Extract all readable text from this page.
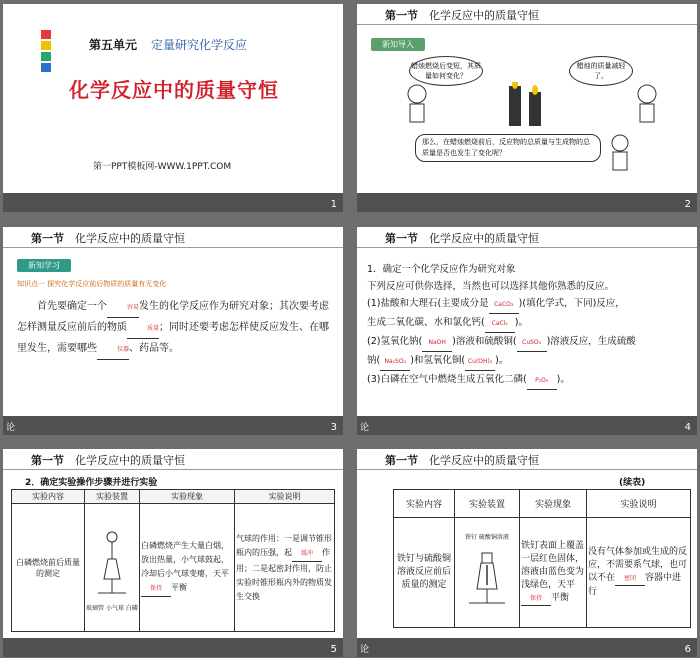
第五单元 定量研究化学反应
化学反应中的质量守恒
第一PPT模板网-WWW.1PPT.COM
1
第一节 化学反应中的质量守恒
新知导入
蜡烛燃烧后变短，其质量如何变化？
蜡烛的质量减轻了。
那么，在蜡烛燃烧前后，反应物的总质量与生成物的总质量是否也发生了变化呢？
2
第一节 化学反应中的质量守恒
新知学习
知识点一 探究化学反应前后物质的质量有无变化
首先要确定一个	容易发生的化学反应作为研究对象；其次要考虑怎样测量反应前后的物质	质量；同时还要考虑怎样使反应发生、在哪里发生，需要哪些	仪器、药品等。
论	3
第一节 化学反应中的质量守恒
1．确定一个化学反应作为研究对象
下列反应可供你选择，当然也可以选择其他你熟悉的反应。
(1)盐酸和大理石(主要成分是 CaCO₃ )(填化学式，下同)反应，
生成二氧化碳、水和氯化钙( CaCl₂ )。
(2)氢氧化钠( NaOH )溶液和硫酸铜( CuSO₄ )溶液反应，生成硫酸
钠( Na₂SO₄ )和氢氧化铜( Cu(OH)₂ )。
(3)白磷在空气中燃烧生成五氧化二磷( P₂O₅ )。
论	4
第一节 化学反应中的质量守恒
2．确定实验操作步骤并进行实验
实验内容	实验装置	实验现象	实验说明
白磷燃烧前后质量的测定	玻璃管 小气球 白磷	白磷燃烧产生大量白烟，放出热量，小气球鼓起，冷却后小气球变瘪，天平保持 平衡	气球的作用：一是调节锥形瓶内的压强，起 缓冲 作用；二是起密封作用，防止实验时锥形瓶内外的物质发生交换
5
第一节 化学反应中的质量守恒
(续表)
实验内容	实验装置	实验现象	实验说明
铁钉与硫酸铜溶液反应前后质量的测定	铁钉 硫酸铜溶液	铁钉表面上覆盖一层红色固体，溶液由蓝色变为浅绿色，天平保持 平衡	没有气体参加或生成的反应，不需要系气球，也可以不在 密闭 容器中进行
论	6
